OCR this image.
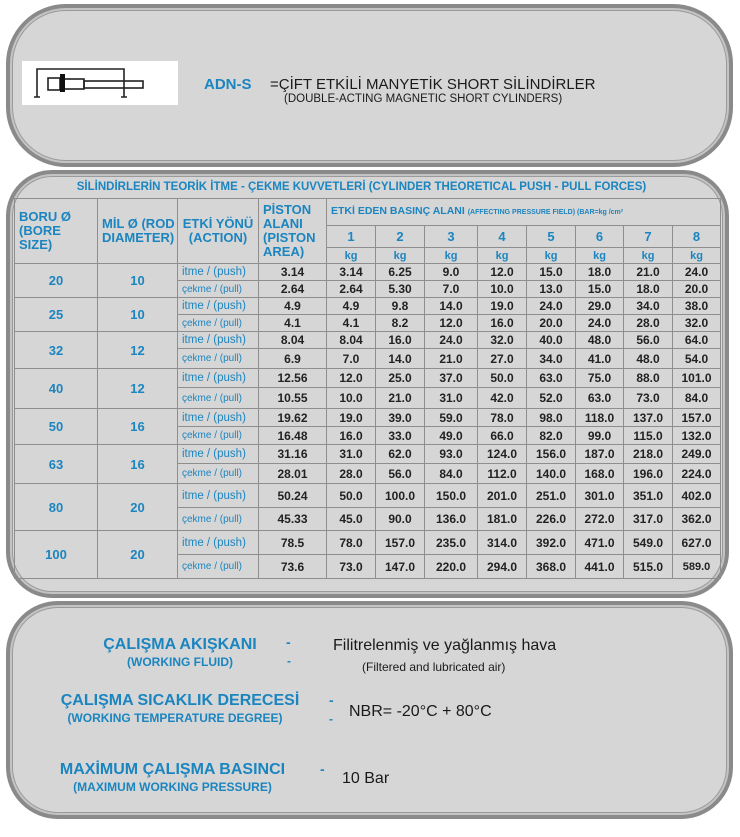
ADN-S =ÇİFT ETKİLİ MANYETİK SHORT SİLİNDİRLER
(DOUBLE-ACTING MAGNETIC SHORT CYLINDERS)
SİLİNDİRLERİN TEORİK İTME - ÇEKME KUVVETLERİ (CYLINDER THEORETICAL PUSH - PULL FORCES)
BORU Ø (BORE SIZE)	MİL Ø (ROD DIAMETER)	ETKİ YÖNÜ (ACTION)	PİSTON ALANI (PISTON AREA)	ETKİ EDEN BASINÇ ALANI (AFFECTING PRESSURE FIELD) (BAR=kg /cm²							
				1	2	3	4	5	6	7	8
				kg	kg	kg	kg	kg	kg	kg	kg
20	10	itme / (push)	3.14	3.14	6.25	9.0	12.0	15.0	18.0	21.0	24.0
		çekme / (pull)	2.64	2.64	5.30	7.0	10.0	13.0	15.0	18.0	20.0
25	10	itme / (push)	4.9	4.9	9.8	14.0	19.0	24.0	29.0	34.0	38.0
		çekme / (pull)	4.1	4.1	8.2	12.0	16.0	20.0	24.0	28.0	32.0
32	12	itme / (push)	8.04	8.04	16.0	24.0	32.0	40.0	48.0	56.0	64.0
		çekme / (pull)	6.9	7.0	14.0	21.0	27.0	34.0	41.0	48.0	54.0
40	12	itme / (push)	12.56	12.0	25.0	37.0	50.0	63.0	75.0	88.0	101.0
		çekme / (pull)	10.55	10.0	21.0	31.0	42.0	52.0	63.0	73.0	84.0
50	16	itme / (push)	19.62	19.0	39.0	59.0	78.0	98.0	118.0	137.0	157.0
		çekme / (pull)	16.48	16.0	33.0	49.0	66.0	82.0	99.0	115.0	132.0
63	16	itme / (push)	31.16	31.0	62.0	93.0	124.0	156.0	187.0	218.0	249.0
		çekme / (pull)	28.01	28.0	56.0	84.0	112.0	140.0	168.0	196.0	224.0
80	20	itme / (push)	50.24	50.0	100.0	150.0	201.0	251.0	301.0	351.0	402.0
		çekme / (pull)	45.33	45.0	90.0	136.0	181.0	226.0	272.0	317.0	362.0
100	20	itme / (push)	78.5	78.0	157.0	235.0	314.0	392.0	471.0	549.0	627.0
		çekme / (pull)	73.6	73.0	147.0	220.0	294.0	368.0	441.0	515.0	589.0
ÇALIŞMA AKIŞKANI
(WORKING FLUID)
-
-
Filitrelenmiş ve yağlanmış hava
(Filtered and lubricated air)
ÇALIŞMA SICAKLIK DERECESİ
(WORKING TEMPERATURE DEGREE)
-
- NBR= -20°C + 80°C
MAXİMUM ÇALIŞMA BASINCI
(MAXIMUM WORKING PRESSURE)
-
10 Bar
